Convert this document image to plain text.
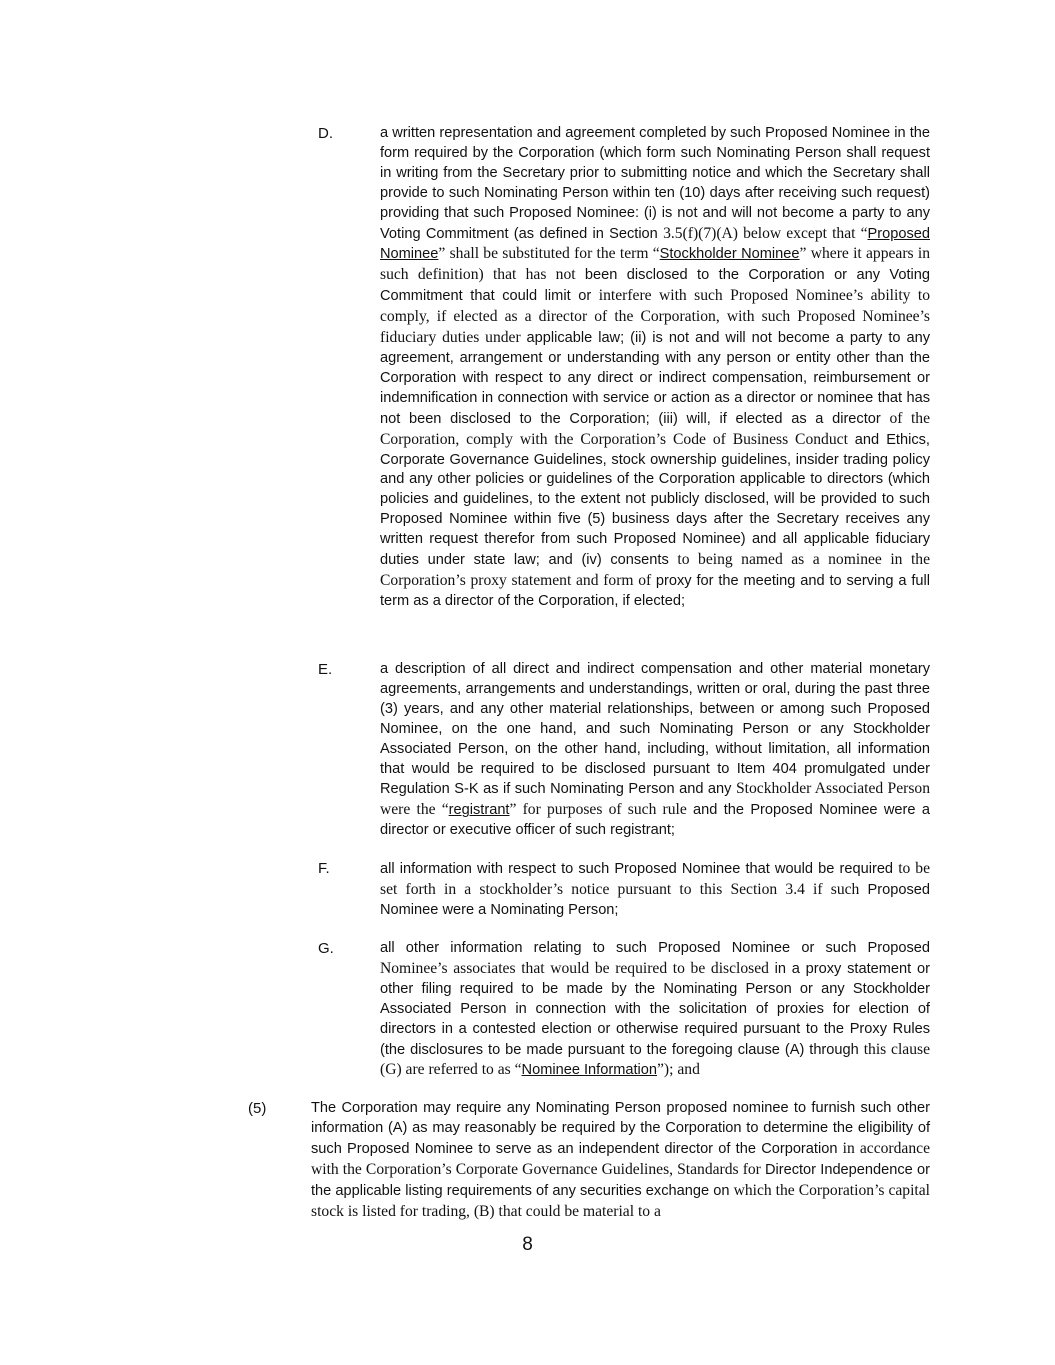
D.	a written representation and agreement completed by such Proposed Nominee in the form required by the Corporation (which form such Nominating Person shall request in writing from the Secretary prior to submitting notice and which the Secretary shall provide to such Nominating Person within ten (10) days after receiving such request) providing that such Proposed Nominee: (i) is not and will not become a party to any Voting Commitment (as defined in Section 3.5(f)(7)(A) below except that “Proposed Nominee” shall be substituted for the term “Stockholder Nominee” where it appears in such definition) that has not been disclosed to the Corporation or any Voting Commitment that could limit or interfere with such Proposed Nominee’s ability to comply, if elected as a director of the Corporation, with such Proposed Nominee’s fiduciary duties under applicable law; (ii) is not and will not become a party to any agreement, arrangement or understanding with any person or entity other than the Corporation with respect to any direct or indirect compensation, reimbursement or indemnification in connection with service or action as a director or nominee that has not been disclosed to the Corporation; (iii) will, if elected as a director of the Corporation, comply with the Corporation’s Code of Business Conduct and Ethics, Corporate Governance Guidelines, stock ownership guidelines, insider trading policy and any other policies or guidelines of the Corporation applicable to directors (which policies and guidelines, to the extent not publicly disclosed, will be provided to such Proposed Nominee within five (5) business days after the Secretary receives any written request therefor from such Proposed Nominee) and all applicable fiduciary duties under state law; and (iv) consents to being named as a nominee in the Corporation’s proxy statement and form of proxy for the meeting and to serving a full term as a director of the Corporation, if elected;

E.	a description of all direct and indirect compensation and other material monetary agreements, arrangements and understandings, written or oral, during the past three (3) years, and any other material relationships, between or among such Proposed Nominee, on the one hand, and such Nominating Person or any Stockholder Associated Person, on the other hand, including, without limitation, all information that would be required to be disclosed pursuant to Item 404 promulgated under Regulation S-K as if such Nominating Person and any Stockholder Associated Person were the “registrant” for purposes of such rule and the Proposed Nominee were a director or executive officer of such registrant;

F.	all information with respect to such Proposed Nominee that would be required to be set forth in a stockholder’s notice pursuant to this Section 3.4 if such Proposed Nominee were a Nominating Person;

G.	all other information relating to such Proposed Nominee or such Proposed Nominee’s associates that would be required to be disclosed in a proxy statement or other filing required to be made by the Nominating Person or any Stockholder Associated Person in connection with the solicitation of proxies for election of directors in a contested election or otherwise required pursuant to the Proxy Rules (the disclosures to be made pursuant to the foregoing clause (A) through this clause (G) are referred to as “Nominee Information”); and

(5)	The Corporation may require any Nominating Person proposed nominee to furnish such other information (A) as may reasonably be required by the Corporation to determine the eligibility of such Proposed Nominee to serve as an independent director of the Corporation in accordance with the Corporation’s Corporate Governance Guidelines, Standards for Director Independence or the applicable listing requirements of any securities exchange on which the Corporation’s capital stock is listed for trading, (B) that could be material to a

8
